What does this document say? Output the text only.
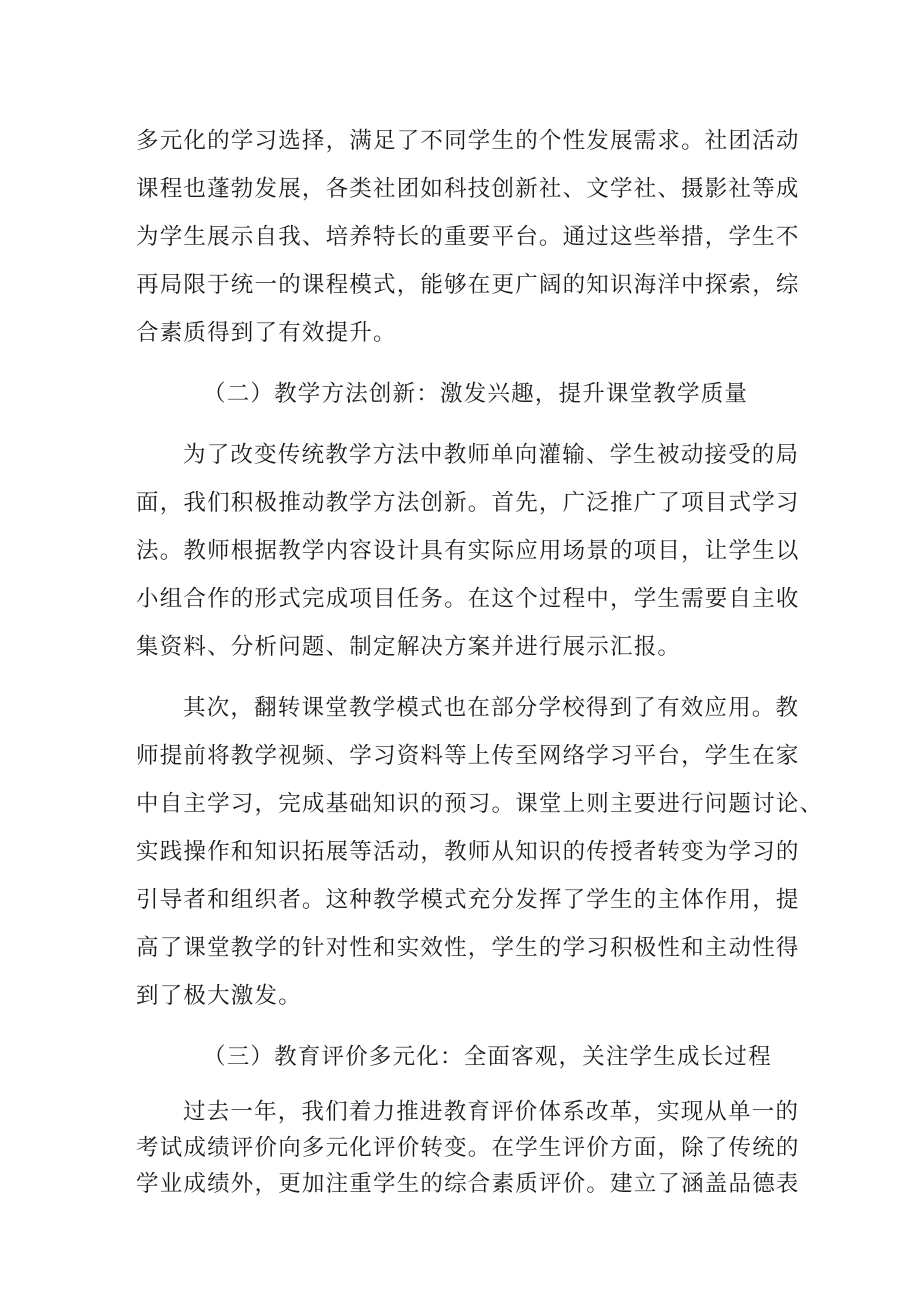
多元化的学习选择，满足了不同学生的个性发展需求。社团活动
课程也蓬勃发展，各类社团如科技创新社、文学社、摄影社等成
为学生展示自我、培养特长的重要平台。通过这些举措，学生不
再局限于统一的课程模式，能够在更广阔的知识海洋中探索，综
合素质得到了有效提升。
（二）教学方法创新：激发兴趣，提升课堂教学质量
为了改变传统教学方法中教师单向灌输、学生被动接受的局
面，我们积极推动教学方法创新。首先，广泛推广了项目式学习
法。教师根据教学内容设计具有实际应用场景的项目，让学生以
小组合作的形式完成项目任务。在这个过程中，学生需要自主收
集资料、分析问题、制定解决方案并进行展示汇报。
其次，翻转课堂教学模式也在部分学校得到了有效应用。教
师提前将教学视频、学习资料等上传至网络学习平台，学生在家
中自主学习，完成基础知识的预习。课堂上则主要进行问题讨论、
实践操作和知识拓展等活动，教师从知识的传授者转变为学习的
引导者和组织者。这种教学模式充分发挥了学生的主体作用，提
高了课堂教学的针对性和实效性，学生的学习积极性和主动性得
到了极大激发。
（三）教育评价多元化：全面客观，关注学生成长过程
过去一年，我们着力推进教育评价体系改革，实现从单一的
考试成绩评价向多元化评价转变。在学生评价方面，除了传统的
学业成绩外，更加注重学生的综合素质评价。建立了涵盖品德表
